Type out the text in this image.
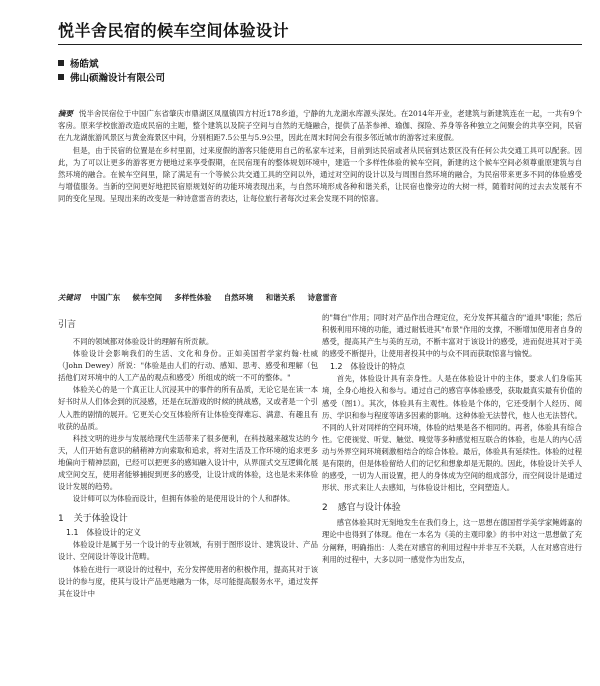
悦半舍民宿的候车空间体验设计
杨皓斌
佛山硕瀚设计有限公司

摘要 悦半舍民宿位于中国广东省肇庆市鼎湖区凤凰镇四方村近178乡道，宁静的九龙湖水库源头深处。在2014年开业，老建筑与新建筑连在一起，一共有9个客房。原来学校旅游改造成民宿的主题，整个建筑以及院子空间与自然的无缝融合，提供了品茶参禅、瑜伽、探险、养身等各种独立之间聚会的共享空间，民宿在九龙湖旅游风景区与黄金海景区中间，分别相距7.5公里与5.9公里，因此在周末时间会有很多邻近城市的游客过来度假。

但是，由于民宿的位置是在乡村里面，过来度假的游客只能使用自己的私家车过来，目前到达民宿或者从民宿到达景区没有任何公共交通工具可以配套。因此，为了可以让更多的游客更方便地过来享受假期，在民宿现有的整体规划环境中，建造一个多样性体验的候车空间，新建的这个候车空间必须尊重原建筑与自然环境的融合。在候车空间里，除了满足有一个等候公共交通工具的空间以外，通过对空间的设计以及与周围自然环境的融合，为民宿带来更多不同的体验感受与增值服务。当新的空间更好地把民宿原规划好的功能环境表现出来，与自然环境形成各种和谐关系，让民宿也像旁边的大树一样，随着时间的过去去发展有不同的变化呈现。呈现出来的改变是一种诗意雷音的表达，让每位旅行者每次过来会发现不同的惊喜。

关键词 中国广东 候车空间 多样性体验 自然环境 和谐关系 诗意雷音

引言

不同的领域都对体验设计的理解有所贡献。

体验设计会影响我们的生活、文化和身份。正如美国哲学家约翰·杜威（John Dewey）所说："体验是由人们的行动、感知、思考、感受和理解（包括他们对环境中的人工产品的观点和感受）所组成的统一不可的整体。"

体验关心的是一个真正让人沉浸其中的事件的所有品质，无论它是在读一本好书时从人们体会到的沉浸感，还是在玩游戏的时候的挑战感，又或者是一个引人入胜的剧情的展开。它更关心交互体验所有让体验变得难忘、满意、有趣且有收获的品质。

科技文明的进步与发展给现代生活带来了很多便利，在科技越来越发达的今天，人们开始有意识的稍稍神方向索取和追求，将对生活及工作环境的追求更多地偏向于精神层面，已经可以把更多的感知融入设计中，从界面式交互逻辑化展成空间交互，使用者能够捕捉到更多的感受，让设计成的体验，这也是未来体验设计发展的趋势。

设计师可以为体验而设计，但拥有体验的是使用设计的个人和群体。

1 关于体验设计

1.1 体验设计的定义

体验设计是属于另一个设计的专业领域，有别于图形设计、建筑设计、产品设计、空间设计等设计范畴。

体验在进行一项设计的过程中，充分发挥使用者的积极作用，提高其对于该设计的参与度，使其与设计产品更地融为一体，尽可能提高服务水平，通过发挥其在设计中

的"舞台"作用；同时对产品作出合理定位，充分发挥其蕴含的"道具"职能；然后积极利用环境的功能，通过耐低进其"布景"作用的支撑，不断增加使用者自身的感受，提高其产生与美的互动，不断丰富对于该设计的感受，进而促进其对于美的感受不断提升，让使用者投其中的与众不同而获取惊喜与愉悦。

1.2 体验设计的特点

首先，体验设计具有亲身性。人是在体验设计中的主体，要求人们身临其境，全身心地投入和参与。通过自己的感官享体验感受，获取最真实最有价值的感受（图1）。其次，体验具有主观性。体验是个体的，它还受制个人经历、阅历、学识和参与程度等诸多因素的影响。这种体验无法替代，他人也无法替代。不同的人针对同样的空间环境，体验的结果是各不相同的。再者，体验具有综合性。它使视觉、听觉、触觉、嗅觉等多种感觉相互联合的体验，也是人的内心活动与外界空间环境刺激相结合的综合体验。最后，体验具有延续性。体验的过程是有限的，但是体验留给人们的记忆和想象却是无限的。因此，体验设计关乎人的感受，一切为人而设置，把人的身体成为空间的组成部分，而空间设计是通过形状、形式来让人去感知，与体验设计相比，空间塑造人。

2 感官与设计体验

感官体验其时无刻地发生在我们身上，这一思想在德国哲学美学家鲍姆嘉的理论中也得到了体现。他在一本名为《美的主观印象》的书中对这一思想做了充分阐释，明确指出：人类在对感官的利用过程中并非互不关联，人在对感官进行利用的过程中，大多以同一感觉作为出发点，
